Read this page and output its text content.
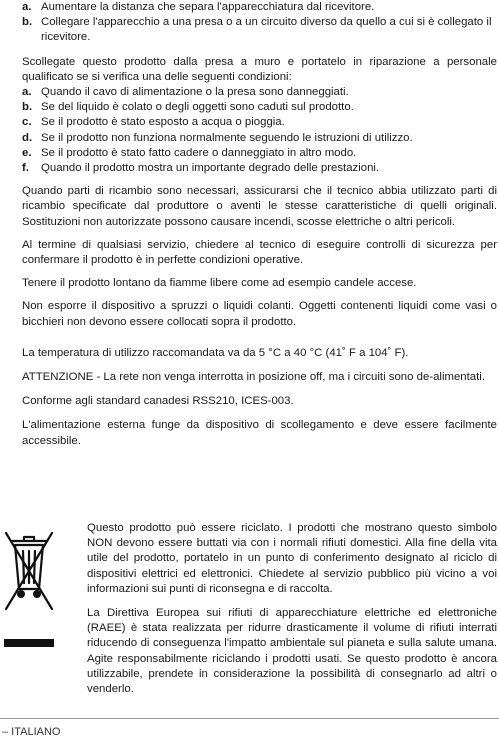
a. Aumentare la distanza che separa l'apparecchiatura dal ricevitore.
b. Collegare l'apparecchio a una presa o a un circuito diverso da quello a cui si è collegato il ricevitore.

Scollegate questo prodotto dalla presa a muro e portatelo in riparazione a personale qualificato se si verifica una delle seguenti condizioni:

a. Quando il cavo di alimentazione o la presa sono danneggiati.
b. Se del liquido è colato o degli oggetti sono caduti sul prodotto.
c. Se il prodotto è stato esposto a acqua o pioggia.
d. Se il prodotto non funziona normalmente seguendo le istruzioni di utilizzo.
e. Se il prodotto è stato fatto cadere o danneggiato in altro modo.
f.	Quando il prodotto mostra un importante degrado delle prestazioni.

Quando parti di ricambio sono necessari, assicurarsi che il tecnico abbia utilizzato parti di ricambio specificate dal produttore o aventi le stesse caratteristiche di quelli originali. Sostituzioni non autorizzate possono causare incendi, scosse elettriche o altri pericoli.

Al termine di qualsiasi servizio, chiedere al tecnico di eseguire controlli di sicurezza per confermare il prodotto è in perfette condizioni operative.

Tenere il prodotto lontano da fiamme libere come ad esempio candele accese.

Non esporre il dispositivo a spruzzi o liquidi colanti. Oggetti contenenti liquidi come vasi o bicchieri non devono essere collocati sopra il prodotto.

La temperatura di utilizzo raccomandata va da 5 °C a 40 °C (41˚ F a 104˚ F).

ATTENZIONE - La rete non venga interrotta in posizione off, ma i circuiti sono de-alimentati.

Conforme agli standard canadesi RSS210, ICES-003.

L'alimentazione esterna funge da dispositivo di scollegamento e deve essere facilmente accessibile.

Questo prodotto può essere riciclato. I prodotti che mostrano questo simbolo NON devono essere buttati via con i normali rifiuti domestici. Alla fine della vita utile del prodotto, portatelo in un punto di conferimento designato al riciclo di dispositivi elettrici ed elettronici. Chiedete al servizio pubblico più vicino a voi informazioni sui punti di riconsegna e di raccolta.

La Direttiva Europea sui rifiuti di apparecchiature elettriche ed elettroniche (RAEE) è stata realizzata per ridurre drasticamente il volume di rifiuti interrati riducendo di conseguenza l'impatto ambientale sul pianeta e sulla salute umana. Agite responsabilmente riciclando i prodotti usati. Se questo prodotto è ancora utilizzabile, prendete in considerazione la possibilità di consegnarlo ad altri o venderlo.

– ITALIANO
